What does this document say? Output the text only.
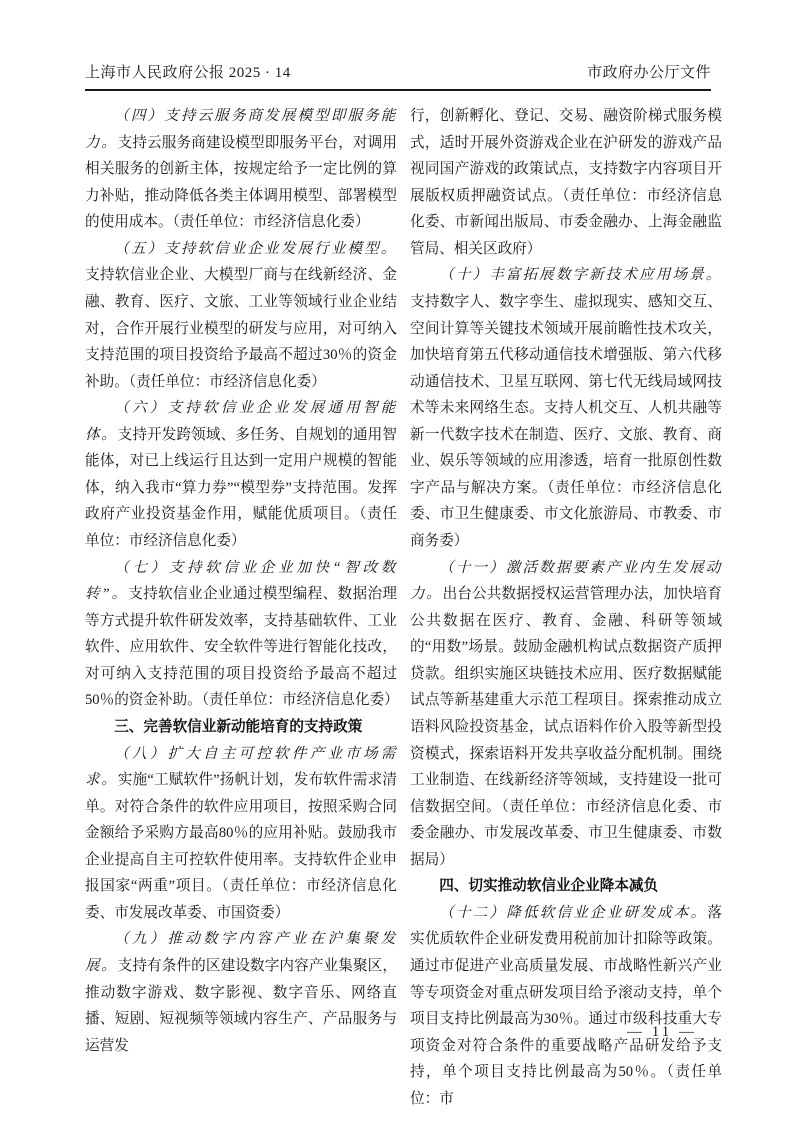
上海市人民政府公报 2025 · 14	市政府办公厅文件

（四）支持云服务商发展模型即服务能力。支持云服务商建设模型即服务平台，对调用相关服务的创新主体，按规定给予一定比例的算力补贴，推动降低各类主体调用模型、部署模型的使用成本。（责任单位：市经济信息化委）

（五）支持软信业企业发展行业模型。支持软信业企业、大模型厂商与在线新经济、金融、教育、医疗、文旅、工业等领域行业企业结对，合作开展行业模型的研发与应用，对可纳入支持范围的项目投资给予最高不超过30％的资金补助。（责任单位：市经济信息化委）

（六）支持软信业企业发展通用智能体。支持开发跨领域、多任务、自规划的通用智能体，对已上线运行且达到一定用户规模的智能体，纳入我市“算力券”“模型券”支持范围。发挥政府产业投资基金作用，赋能优质项目。（责任单位：市经济信息化委）

（七）支持软信业企业加快“智改数转”。支持软信业企业通过模型编程、数据治理等方式提升软件研发效率，支持基础软件、工业软件、应用软件、安全软件等进行智能化技改，对可纳入支持范围的项目投资给予最高不超过50％的资金补助。（责任单位：市经济信息化委）

三、完善软信业新动能培育的支持政策

（八）扩大自主可控软件产业市场需求。实施“工赋软件”扬帆计划，发布软件需求清单。对符合条件的软件应用项目，按照采购合同金额给予采购方最高80％的应用补贴。鼓励我市企业提高自主可控软件使用率。支持软件企业申报国家“两重”项目。（责任单位：市经济信息化委、市发展改革委、市国资委）

（九）推动数字内容产业在沪集聚发展。支持有条件的区建设数字内容产业集聚区，推动数字游戏、数字影视、数字音乐、网络直播、短剧、短视频等领域内容生产、产品服务与运营发

行，创新孵化、登记、交易、融资阶梯式服务模式，适时开展外资游戏企业在沪研发的游戏产品视同国产游戏的政策试点，支持数字内容项目开展版权质押融资试点。（责任单位：市经济信息化委、市新闻出版局、市委金融办、上海金融监管局、相关区政府）

（十）丰富拓展数字新技术应用场景。支持数字人、数字孪生、虚拟现实、感知交互、空间计算等关键技术领域开展前瞻性技术攻关，加快培育第五代移动通信技术增强版、第六代移动通信技术、卫星互联网、第七代无线局域网技术等未来网络生态。支持人机交互、人机共融等新一代数字技术在制造、医疗、文旅、教育、商业、娱乐等领域的应用渗透，培育一批原创性数字产品与解决方案。（责任单位：市经济信息化委、市卫生健康委、市文化旅游局、市教委、市商务委）

（十一）激活数据要素产业内生发展动力。出台公共数据授权运营管理办法，加快培育公共数据在医疗、教育、金融、科研等领域的“用数”场景。鼓励金融机构试点数据资产质押贷款。组织实施区块链技术应用、医疗数据赋能试点等新基建重大示范工程项目。探索推动成立语料风险投资基金，试点语料作价入股等新型投资模式，探索语料开发共享收益分配机制。围绕工业制造、在线新经济等领域，支持建设一批可信数据空间。（责任单位：市经济信息化委、市委金融办、市发展改革委、市卫生健康委、市数据局）

四、切实推动软信业企业降本减负

（十二）降低软信业企业研发成本。落实优质软件企业研发费用税前加计扣除等政策。通过市促进产业高质量发展、市战略性新兴产业等专项资金对重点研发项目给予滚动支持，单个项目支持比例最高为30％。通过市级科技重大专项资金对符合条件的重要战略产品研发给予支持，单个项目支持比例最高为50％。（责任单位：市

— 11 —
